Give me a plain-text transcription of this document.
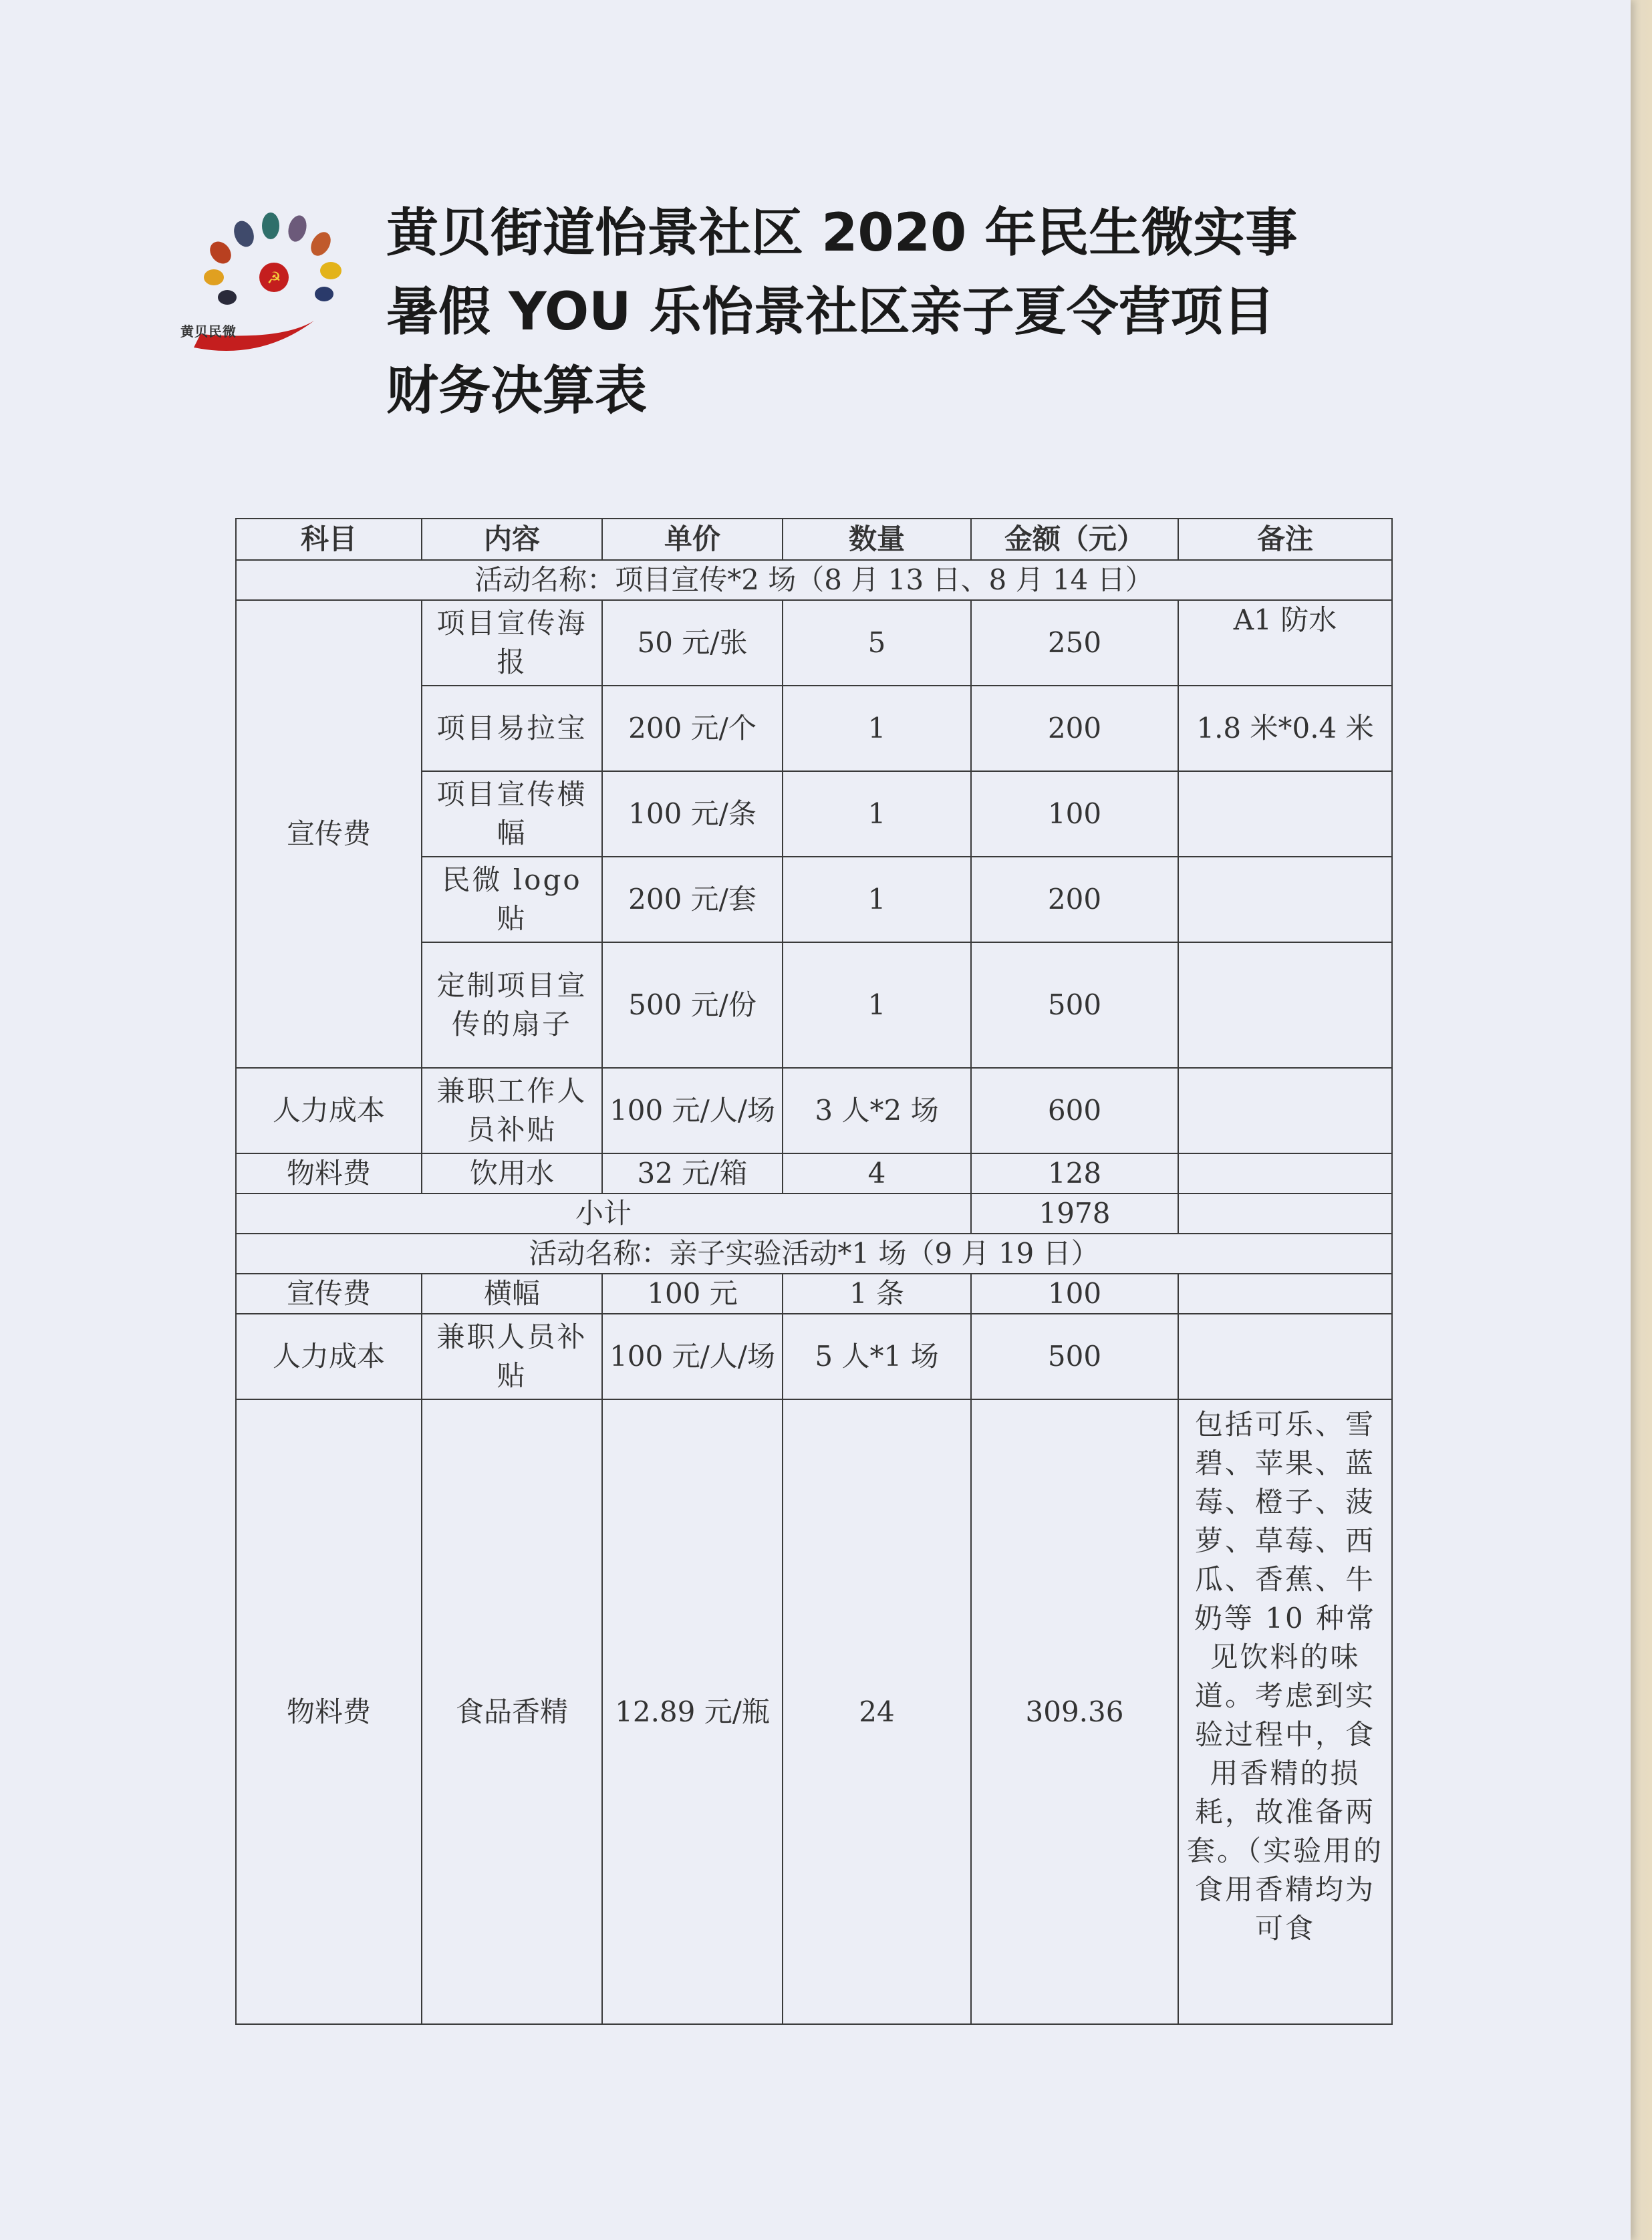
☭
黄贝民微
黄贝街道怡景社区 2020 年民生微实事
暑假 YOU 乐怡景社区亲子夏令营项目
财务决算表
科目	内容	单价	数量	金额（元）	备注
活动名称：项目宣传*2 场（8 月 13 日、8 月 14 日）					
宣传费	项目宣传海报	50 元/张	5	250	A1 防水
	项目易拉宝	200 元/个	1	200	1.8 米*0.4 米
	项目宣传横幅	100 元/条	1	100	
	民微 logo 贴	200 元/套	1	200	
	定制项目宣传的扇子	500 元/份	1	500	
人力成本	兼职工作人员补贴	100 元/人/场	3 人*2 场	600	
物料费	饮用水	32 元/箱	4	128	
小计				1978	
活动名称：亲子实验活动*1 场（9 月 19 日）					
宣传费	横幅	100 元	1 条	100	
人力成本	兼职人员补贴	100 元/人/场	5 人*1 场	500	
物料费	食品香精	12.89 元/瓶	24	309.36	包括可乐、雪碧、苹果、蓝莓、橙子、菠萝、草莓、西瓜、香蕉、牛奶等 10 种常见饮料的味道。考虑到实验过程中，食用香精的损耗，故准备两套。（实验用的食用香精均为可食
